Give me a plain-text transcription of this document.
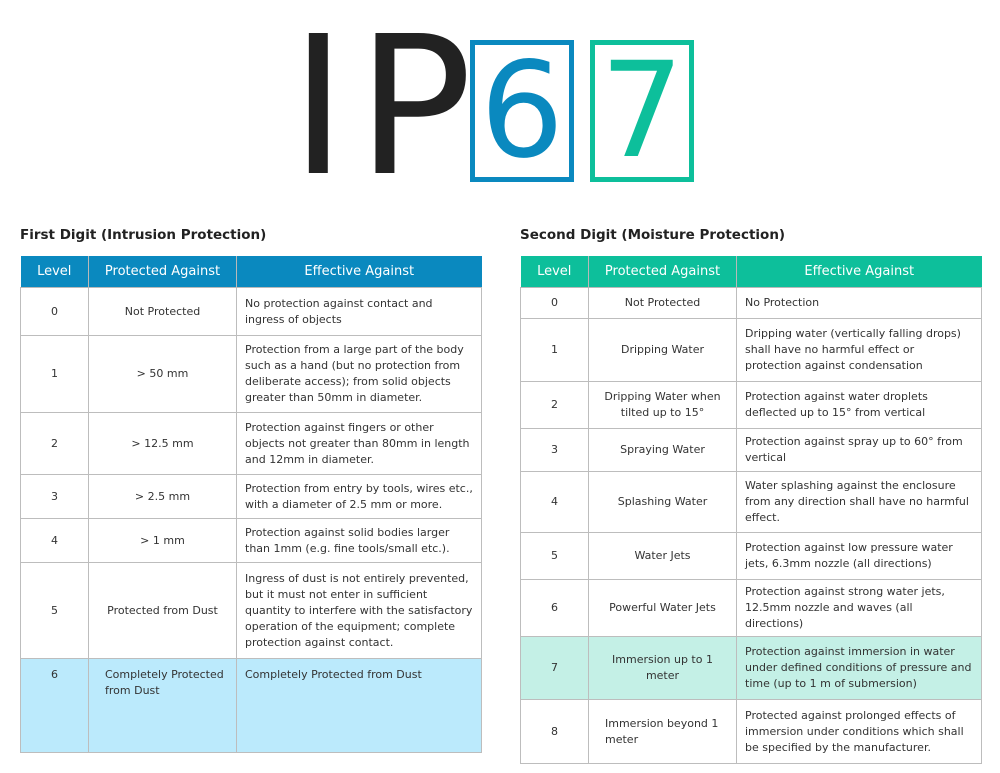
IP
6 7
First Digit (Intrusion Protection)
Level	Protected Against	Effective Against
0	Not Protected	No protection against contact and ingress of objects
1	> 50 mm	Protection from a large part of the body such as a hand (but no protection from deliberate access); from solid objects greater than 50mm in diameter.
2	> 12.5 mm	Protection against fingers or other objects not greater than 80mm in length and 12mm in diameter.
3	> 2.5 mm	Protection from entry by tools, wires etc., with a diameter of 2.5 mm or more.
4	> 1 mm	Protection against solid bodies larger than 1mm (e.g. fine tools/small etc.).
5	Protected from Dust	Ingress of dust is not entirely prevented, but it must not enter in sufficient quantity to interfere with the satisfactory operation of the equipment; complete protection against contact.
6	Completely Protected from Dust	Completely Protected from Dust
Second Digit (Moisture Protection)
Level	Protected Against	Effective Against
0	Not Protected	No Protection
1	Dripping Water	Dripping water (vertically falling drops) shall have no harmful effect or protection against condensation
2	Dripping Water when tilted up to 15°	Protection against water droplets deflected up to 15° from vertical
3	Spraying Water	Protection against spray up to 60° from vertical
4	Splashing Water	Water splashing against the enclosure from any direction shall have no harmful effect.
5	Water Jets	Protection against low pressure water jets, 6.3mm nozzle (all directions)
6	Powerful Water Jets	Protection against strong water jets, 12.5mm nozzle and waves (all directions)
7	Immersion up to 1 meter	Protection against immersion in water under defined conditions of pressure and time (up to 1 m of submersion)
8	Immersion beyond 1 meter	Protected against prolonged effects of immersion under conditions which shall be specified by the manufacturer.
